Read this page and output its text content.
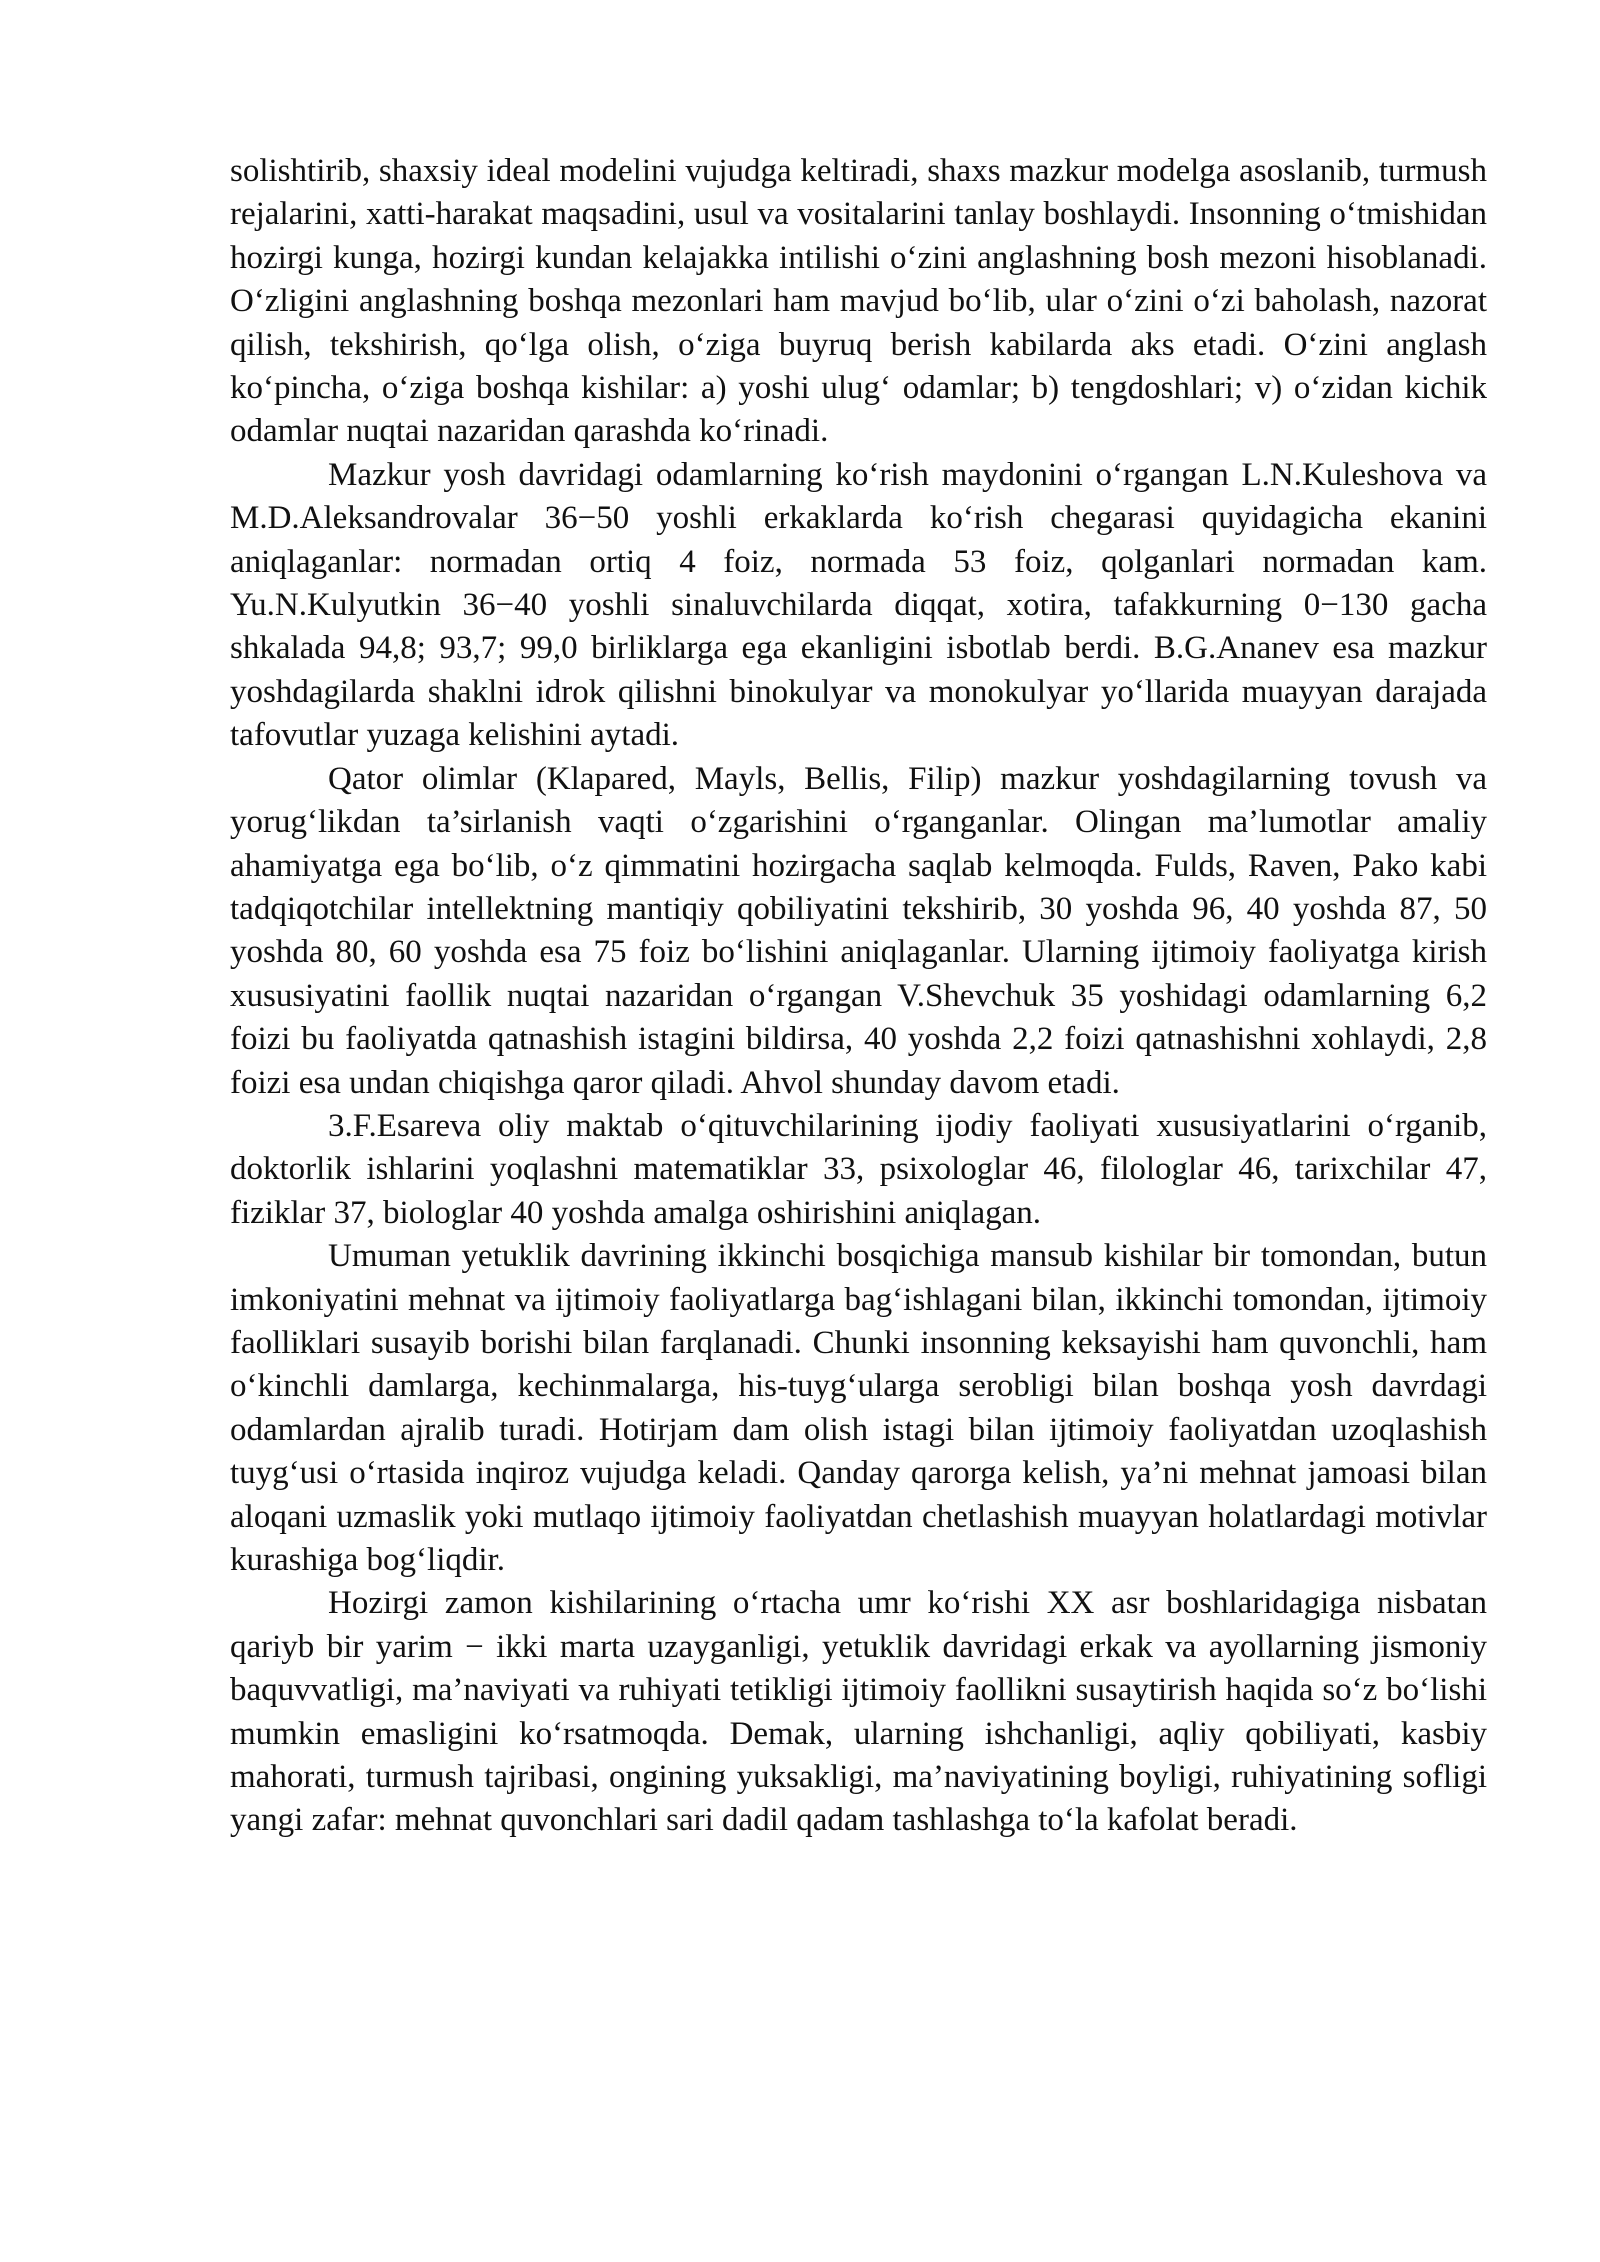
solishtirib, shaxsiy ideal modelini vujudga keltiradi, shaxs mazkur modelga asoslanib, turmush rejalarini, xatti-harakat maqsadini, usul va vositalarini tanlay boshlaydi. Insonning o‘tmishidan hozirgi kunga, hozirgi kundan kelajakka intilishi o‘zini anglashning bosh mezoni hisoblanadi. O‘zligini anglashning boshqa mezonlari ham mavjud bo‘lib, ular o‘zini o‘zi baholash, nazorat qilish, tekshirish, qo‘lga olish, o‘ziga buyruq berish kabilarda aks etadi. O‘zini anglash ko‘pincha, o‘ziga boshqa kishilar: a) yoshi ulug‘ odamlar; b) tengdoshlari; v) o‘zidan kichik odamlar nuqtai nazaridan qarashda ko‘rinadi.

Mazkur yosh davridagi odamlarning ko‘rish maydonini o‘rgangan L.N.Kuleshova va M.D.Aleksandrovalar 36−50 yoshli erkaklarda ko‘rish chegarasi quyidagicha ekanini aniqlaganlar: normadan ortiq 4 foiz, normada 53 foiz, qolganlari normadan kam. Yu.N.Kulyutkin 36−40 yoshli sinaluvchilarda diqqat, xotira, tafakkurning 0−130 gacha shkalada 94,8; 93,7; 99,0 birliklarga ega ekanligini isbotlab berdi. B.G.Ananev esa mazkur yoshdagilarda shaklni idrok qilishni binokulyar va monokulyar yo‘llarida muayyan darajada tafovutlar yuzaga kelishini aytadi.

Qator olimlar (Klapared, Mayls, Bellis, Filip) mazkur yoshdagilarning tovush va yorug‘likdan ta’sirlanish vaqti o‘zgarishini o‘rganganlar. Olingan ma’lumotlar amaliy ahamiyatga ega bo‘lib, o‘z qimmatini hozirgacha saqlab kelmoqda. Fulds, Raven, Pako kabi tadqiqotchilar intellektning mantiqiy qobiliyatini tekshirib, 30 yoshda 96, 40 yoshda 87, 50 yoshda 80, 60 yoshda esa 75 foiz bo‘lishini aniqlaganlar. Ularning ijtimoiy faoliyatga kirish xususiyatini faollik nuqtai nazaridan o‘rgangan V.Shevchuk 35 yoshidagi odamlarning 6,2 foizi bu faoliyatda qatnashish istagini bildirsa, 40 yoshda 2,2 foizi qatnashishni xohlaydi, 2,8 foizi esa undan chiqishga qaror qiladi. Ahvol shunday davom etadi.

3.F.Esareva oliy maktab o‘qituvchilarining ijodiy faoliyati xususiyatlarini o‘rganib, doktorlik ishlarini yoqlashni matematiklar 33, psixologlar 46, filologlar 46, tarixchilar 47, fiziklar 37, biologlar 40 yoshda amalga oshirishini aniqlagan.

Umuman yetuklik davrining ikkinchi bosqichiga mansub kishilar bir tomondan, butun imkoniyatini mehnat va ijtimoiy faoliyatlarga bag‘ishlagani bilan, ikkinchi tomondan, ijtimoiy faolliklari susayib borishi bilan farqlanadi. Chunki insonning keksayishi ham quvonchli, ham o‘kinchli damlarga, kechinmalarga, his-tuyg‘ularga serobligi bilan boshqa yosh davrdagi odamlardan ajralib turadi. Hotirjam dam olish istagi bilan ijtimoiy faoliyatdan uzoqlashish tuyg‘usi o‘rtasida inqiroz vujudga keladi. Qanday qarorga kelish, ya’ni mehnat jamoasi bilan aloqani uzmaslik yoki mutlaqo ijtimoiy faoliyatdan chetlashish muayyan holatlardagi motivlar kurashiga bog‘liqdir.

Hozirgi zamon kishilarining o‘rtacha umr ko‘rishi XX asr boshlaridagiga nisbatan qariyb bir yarim − ikki marta uzayganligi, yetuklik davridagi erkak va ayollarning jismoniy baquvvatligi, ma’naviyati va ruhiyati tetikligi ijtimoiy faollikni susaytirish haqida so‘z bo‘lishi mumkin emasligini ko‘rsatmoqda. Demak, ularning ishchanligi, aqliy qobiliyati, kasbiy mahorati, turmush tajribasi, ongining yuksakligi, ma’naviyatining boyligi, ruhiyatining sofligi yangi zafar: mehnat quvonchlari sari dadil qadam tashlashga to‘la kafolat beradi.
